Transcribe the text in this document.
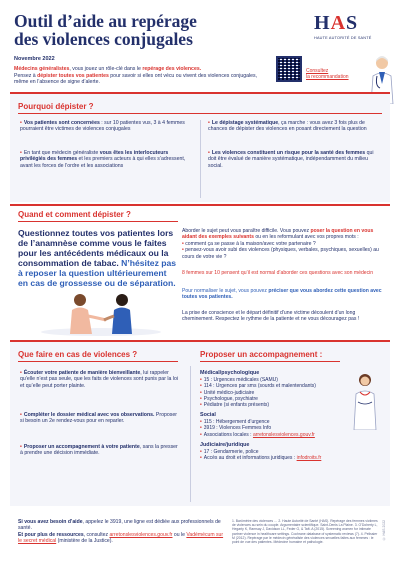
Outil d’aide au repérage
des violences conjugales
Novembre 2022
Médecins généralistes, vous jouez un rôle-clé dans le repérage des violences.
Pensez à dépister toutes vos patientes pour savoir si elles ont vécu ou vivent des violences conjugales, même en l’absence de signe d’alerte.
HAS
HAUTE AUTORITÉ DE SANTÉ
Consultez
la recommandation
Pourquoi dépister ?
• Vos patientes sont concernées : sur 10 patientes vus, 3 à 4 femmes pourraient être victimes de violences conjugales
• En tant que médecin généraliste vous êtes les interlocuteurs privilégiés des femmes et les premiers acteurs à qui elles s’adressent, avant les forces de l’ordre et les associations
• Le dépistage systématique, ça marche : vous avez 3 fois plus de chances de dépister des violences en posant directement la question
• Les violences constituent un risque pour la santé des femmes qui doit être évalué de manière systématique, indépendamment du milieu social.
Quand et comment dépister ?
Questionnez toutes vos patientes lors de l’anamnèse comme vous le faites pour les antécédents médicaux ou la consommation de tabac. N’hésitez pas à reposer la question ultérieurement en cas de grossesse ou de séparation.
Aborder le sujet peut vous paraître difficile. Vous pouvez poser la question en vous aidant des exemples suivants ou en les reformulant avec vos propres mots :
• comment ça se passe à la maison/avec votre partenaire ?
• pensez-vous avoir subi des violences (physiques, verbales, psychiques, sexuelles) au cours de votre vie ?
8 femmes sur 10 pensent qu’il est normal d’aborder ces questions avec son médecin
Pour normaliser le sujet, vous pouvez préciser que vous abordez cette question avec toutes vos patientes.
La prise de conscience et le départ définitif d’une victime découlent d’un long cheminement. Respectez le rythme de la patiente et ne vous découragez pas !
Que faire en cas de violences ?	Proposer un accompagnement :
• Écouter votre patiente de manière bienveillante, lui rappeler qu’elle n’est pas seule, que les faits de violences sont punis par la loi et qu’elle peut porter plainte.
• Compléter le dossier médical avec vos observations. Proposer si besoin un 2e rendez-vous pour en reparler.
• Proposer un accompagnement à votre patiente, sans la presser à prendre une décision immédiate.
Médical/psychologique
• 15 : Urgences médicales (SAMU)
• 114 : Urgences par sms (sourds et malentendants)
• Unité médico-judiciaire
• Psychologue, psychiatre
• Pédiatre (si enfants présents)
Social
• 115 : Hébergement d’urgence
• 3919 : Violences Femmes Info
• Associations locales : arretonslesviolences.gouv.fr
Judiciaire/juridique
• 17 : Gendarmerie, police
• Accès au droit et informations juridiques : infodroits.fr
Si vous avez besoin d’aide, appelez le 3919, une ligne est dédiée aux professionnels de santé.
Et pour plus de ressources, consultez arretonslesviolences.gouv.fr ou le Vadémécum sur le secret médical (ministère de la Justice).
1. Barômètre des violences … 2. Haute Autorité de Santé (HAS). Repérage des femmes victimes de violences au sein du couple. Argumentaire scientifique. Saint-Denis La Plaine. 3. O’Doherty L, Hegarty K, Ramsay J, Davidson LL, Feder G, & Taft. A (2015). Screening women for intimate partner violence in healthcare settings. Cochrane database of systematic reviews (7). 4. Pelissier M (2012). Repérage par le médecin généraliste des violences sexuelles faites aux femmes : le point de vue des patientes. Médecine humaine et pathologie.
© HAS 2022
